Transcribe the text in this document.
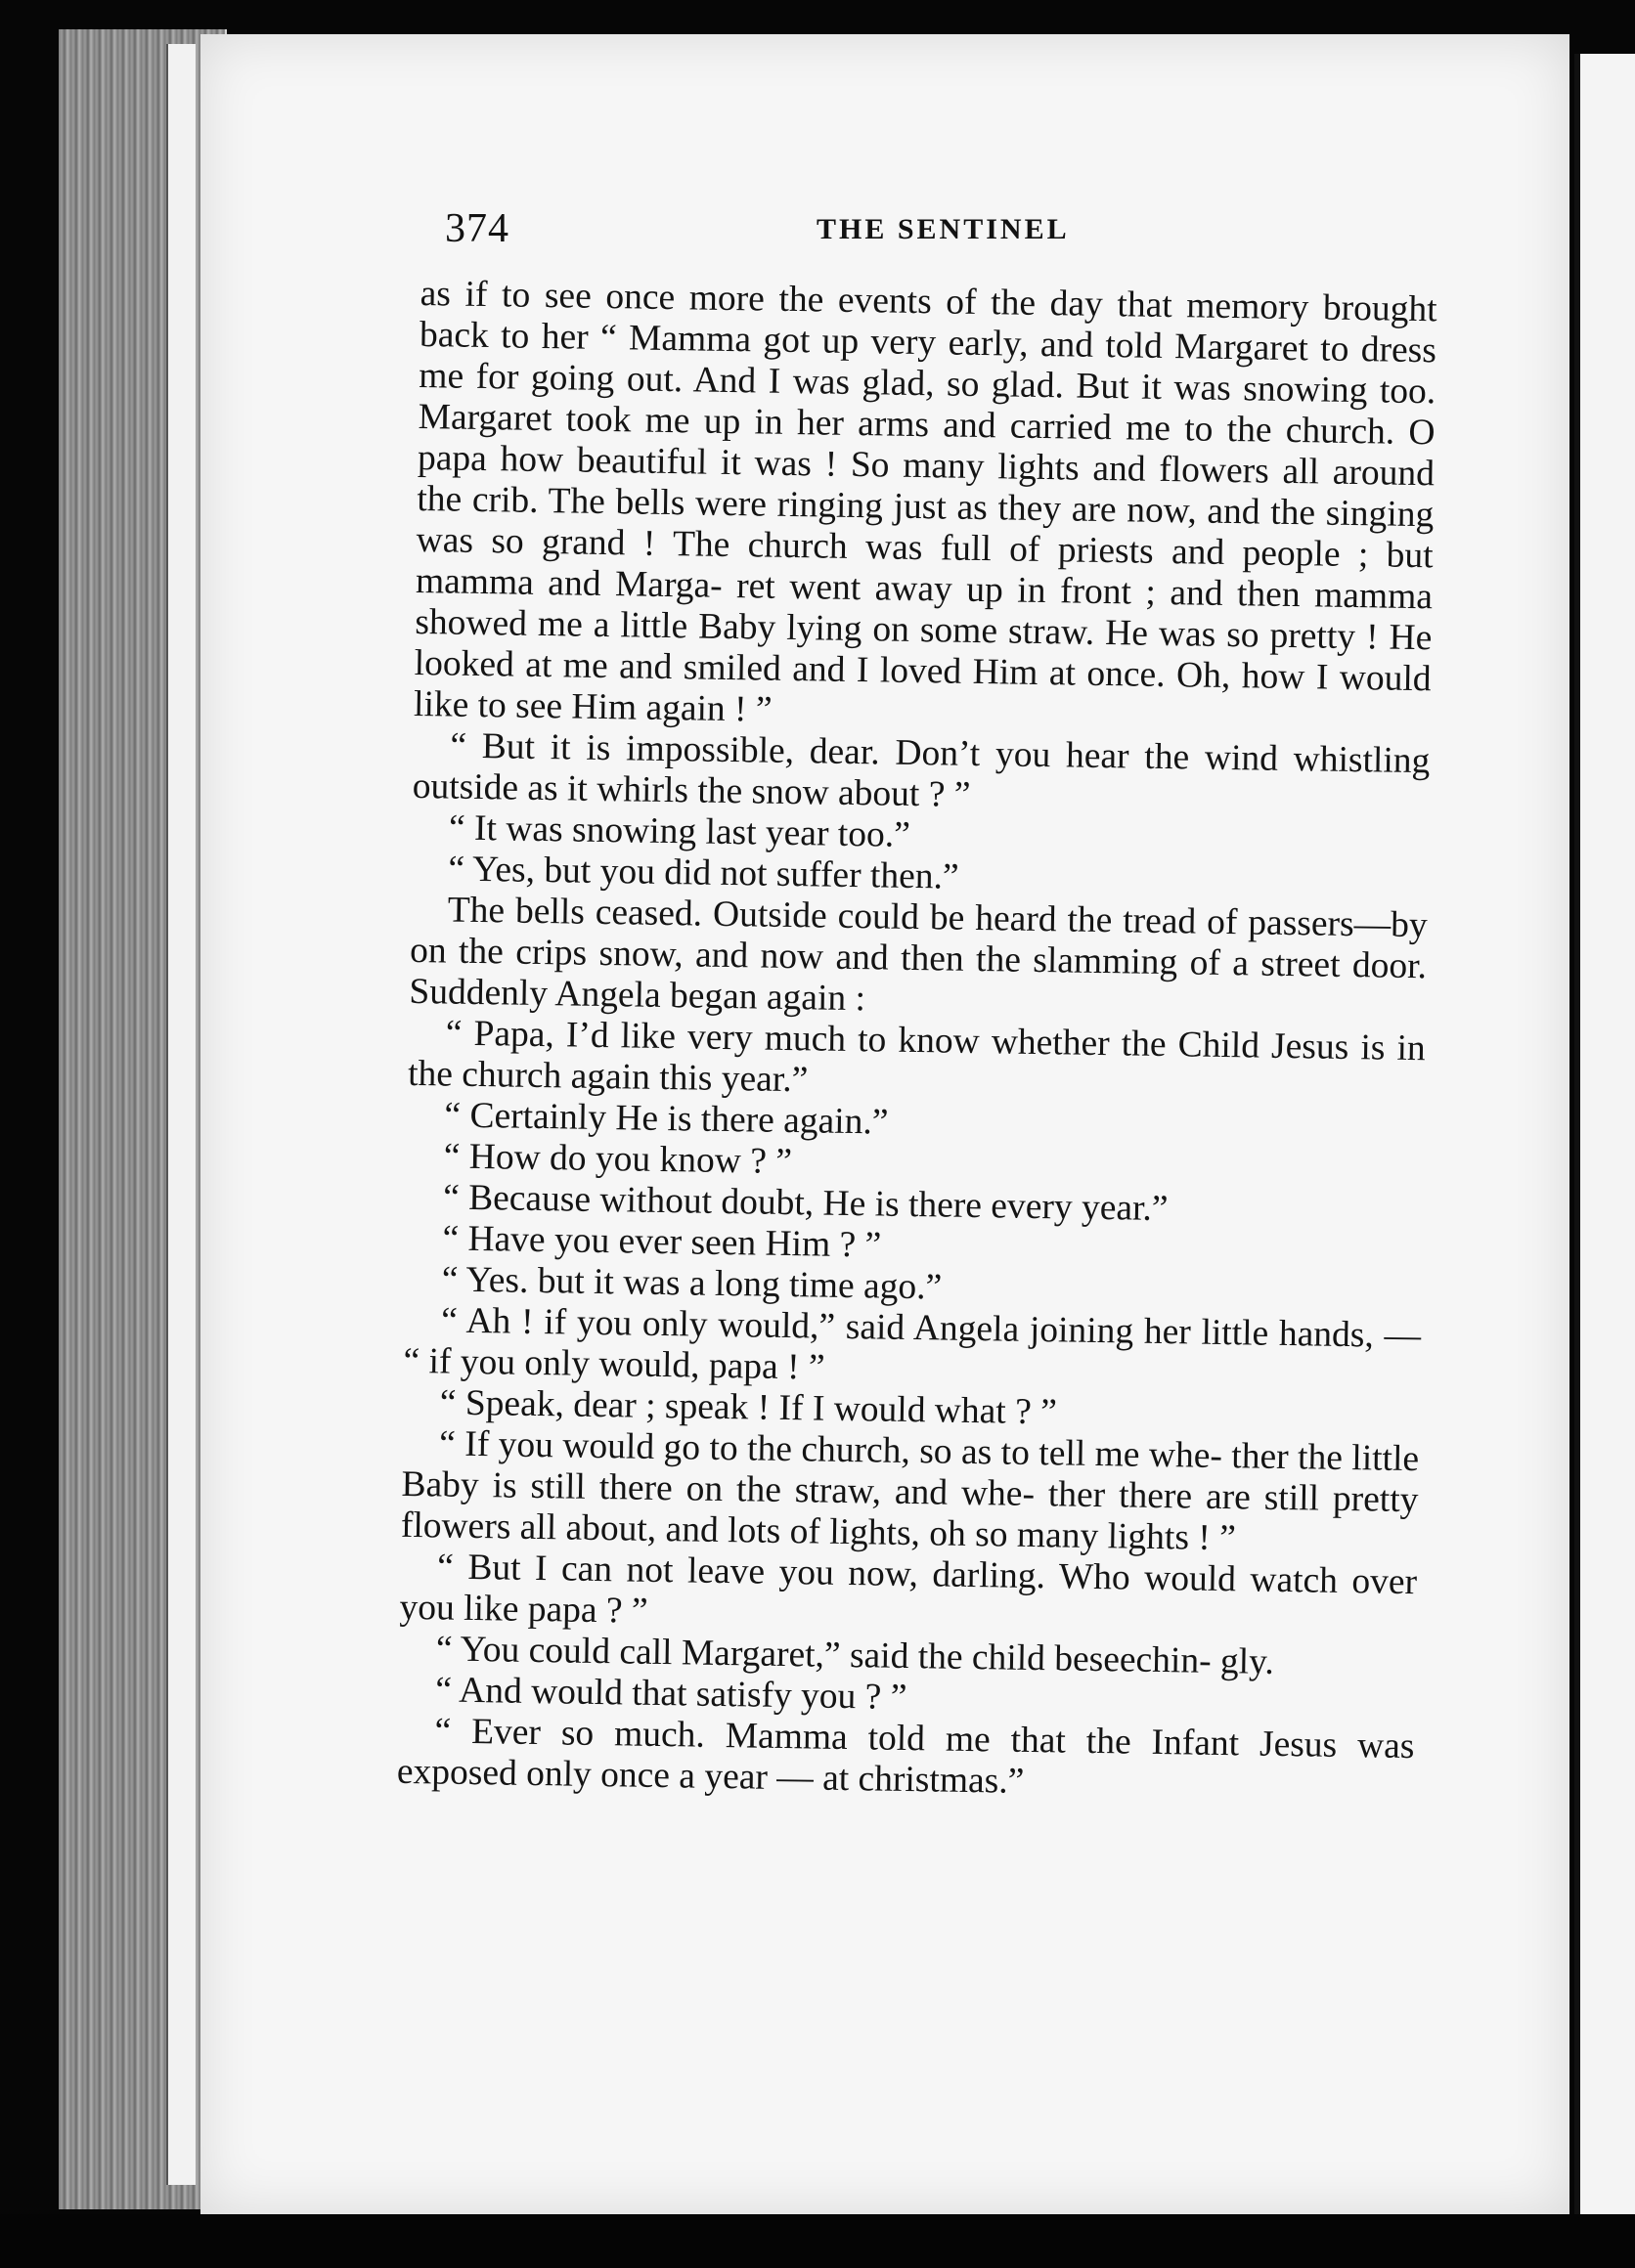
374	THE SENTINEL

as if to see once more the events of the day that memory brought back to her “ Mamma got up very early, and told Margaret to dress me for going out. And I was glad, so glad. But it was snowing too. Margaret took me up in her arms and carried me to the church. O papa how beautiful it was ! So many lights and flowers all around the crib. The bells were ringing just as they are now, and the singing was so grand ! The church was full of priests and people ; but mamma and Marga- ret went away up in front ; and then mamma showed me a little Baby lying on some straw. He was so pretty ! He looked at me and smiled and I loved Him at once. Oh, how I would like to see Him again ! ”

“ But it is impossible, dear. Don’t you hear the wind whistling outside as it whirls the snow about ? ”

“ It was snowing last year too.”

“ Yes, but you did not suffer then.”

The bells ceased. Outside could be heard the tread of passers—by on the crips snow, and now and then the slamming of a street door. Suddenly Angela began again :

“ Papa, I’d like very much to know whether the Child Jesus is in the church again this year.”

“ Certainly He is there again.”

“ How do you know ? ”

“ Because without doubt, He is there every year.”

“ Have you ever seen Him ? ”

“ Yes. but it was a long time ago.”

“ Ah ! if you only would,” said Angela joining her little hands, — “ if you only would, papa ! ”

“ Speak, dear ; speak ! If I would what ? ”

“ If you would go to the church, so as to tell me whe- ther the little Baby is still there on the straw, and whe- ther there are still pretty flowers all about, and lots of lights, oh so many lights ! ”

“ But I can not leave you now, darling. Who would watch over you like papa ? ”

“ You could call Margaret,” said the child beseechin- gly.

“ And would that satisfy you ? ”

“ Ever so much. Mamma told me that the Infant Jesus was exposed only once a year — at christmas.”
